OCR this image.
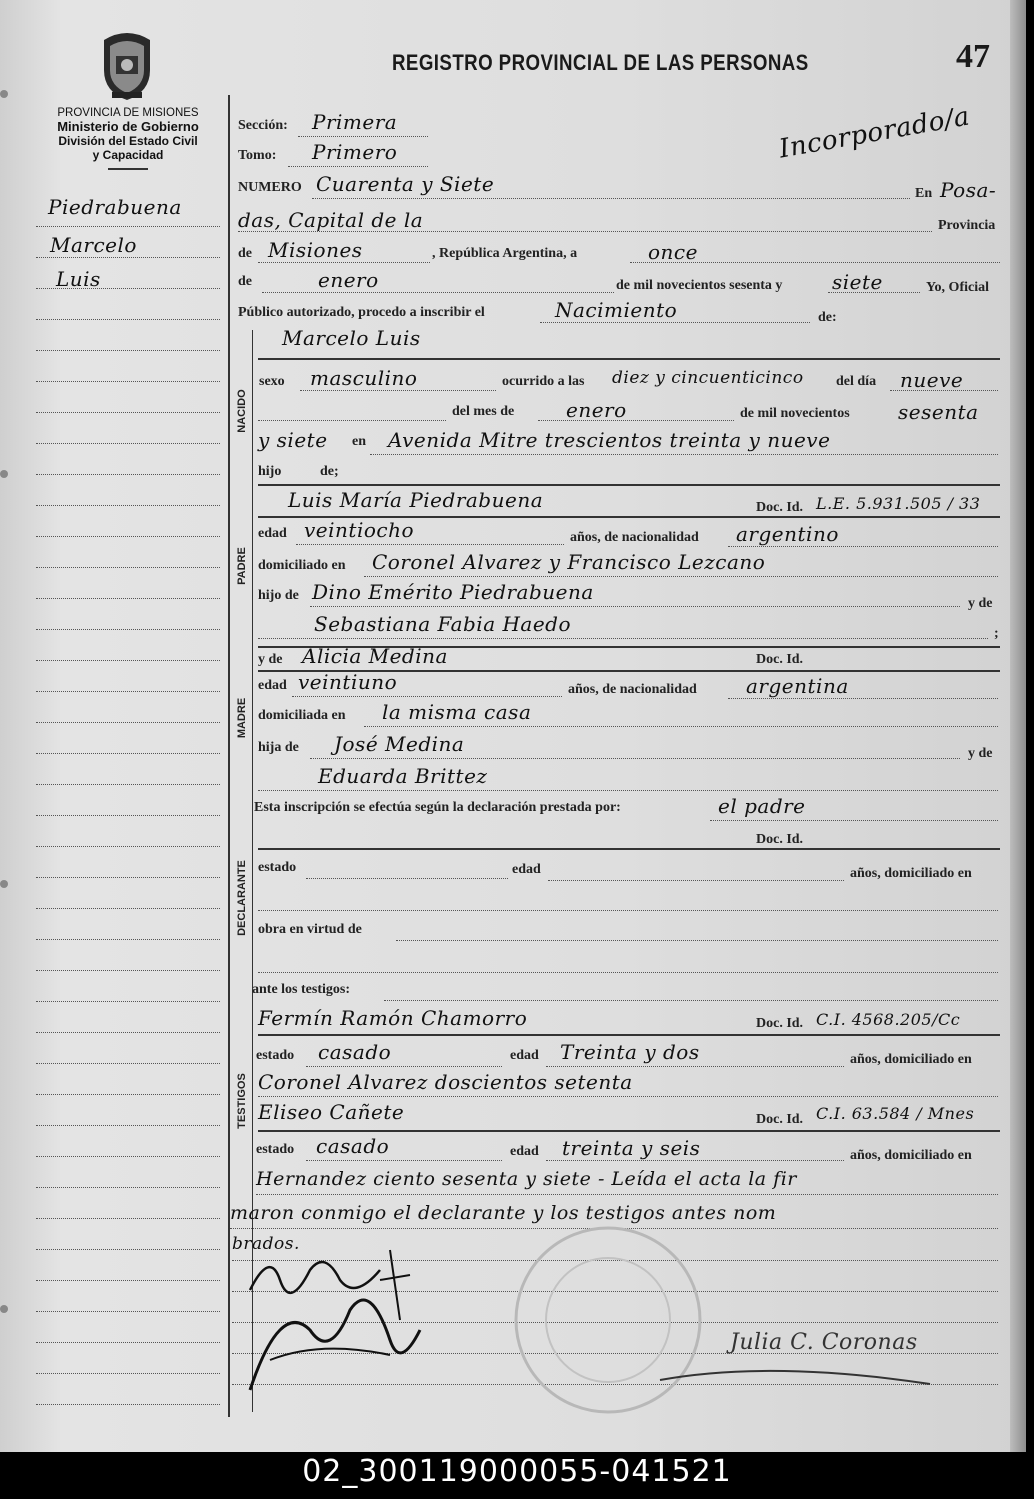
PROVINCIA DE MISIONES
Ministerio de Gobierno
División del Estado Civil
y Capacidad
REGISTRO PROVINCIAL DE LAS PERSONAS	47
Piedrabuena
Marcelo
Luis
Sección: Primera
Tomo: Primero	Incorporado/a
NUMERO Cuarenta y Siete	En Posa-
das, Capital de la	Provincia
de Misiones	, República Argentina, a	once
de	enero	de mil novecientos sesenta y siete	Yo, Oficial
Público autorizado, procedo a inscribir el	Nacimiento	de:
NACIDO
PADRE
MADRE
DECLARANTE
TESTIGOS
Marcelo Luis
sexo masculino	ocurrido a las diez y cincuenticinco del día nueve
del mes de	enero	de mil novecientos sesenta
y siete en Avenida Mitre trescientos treinta y nueve
hijo	de;
Luis María Piedrabuena	Doc. Id. L.E. 5.931.505 / 33
edad veintiocho	años, de nacionalidad argentino
domiciliado en Coronel Alvarez y Francisco Lezcano
hijo de Dino Emérito Piedrabuena	y de
Sebastiana Fabia Haedo	;
y de Alicia Medina	Doc. Id.
edad veintiuno	años, de nacionalidad argentina
domiciliada en la misma casa
hija de José Medina	y de
Eduarda Brittez
Esta inscripción se efectúa según la declaración prestada por:	el padre
Doc. Id.
estado	edad	años, domiciliado en
obra en virtud de
ante los testigos:
Fermín Ramón Chamorro	Doc. Id. C.I. 4568.205/Cc
estado casado	edad Treinta y dos	años, domiciliado en
Coronel Alvarez doscientos setenta
Eliseo Cañete	Doc. Id. C.I. 63.584 / Mnes
estado casado	edad treinta y seis	años, domiciliado en
Hernandez ciento sesenta y siete - Leída el acta la fir
maron conmigo el declarante y los testigos antes nom
brados.
Julia C. Coronas
02_300119000055-041521
